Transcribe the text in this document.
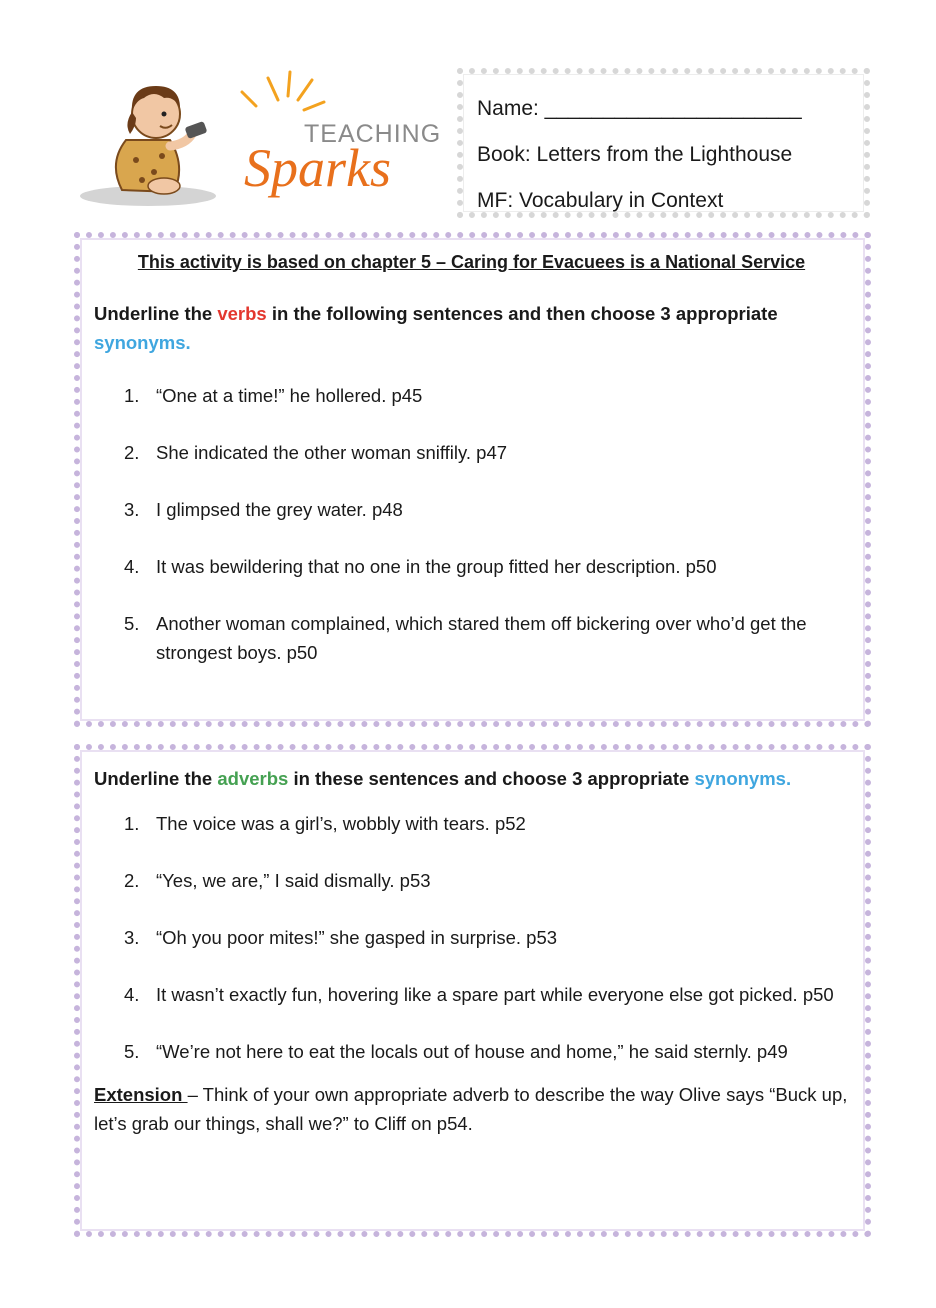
TEACHING
Sparks
Name: ______________________
Book: Letters from the Lighthouse
MF: Vocabulary in Context
This activity is based on chapter 5 – Caring for Evacuees is a National Service
Underline the verbs in the following sentences and then choose 3 appropriate synonyms.
1. “One at a time!” he hollered. p45
2. She indicated the other woman sniffily. p47
3. I glimpsed the grey water. p48
4. It was bewildering that no one in the group fitted her description. p50
5. Another woman complained, which stared them off bickering over who’d get the strongest boys. p50
Underline the adverbs in these sentences and choose 3 appropriate synonyms.
1. The voice was a girl’s, wobbly with tears. p52
2. “Yes, we are,” I said dismally. p53
3. “Oh you poor mites!” she gasped in surprise. p53
4. It wasn’t exactly fun, hovering like a spare part while everyone else got picked. p50
5. “We’re not here to eat the locals out of house and home,” he said sternly. p49
Extension – Think of your own appropriate adverb to describe the way Olive says “Buck up, let’s grab our things, shall we?” to Cliff on p54.
